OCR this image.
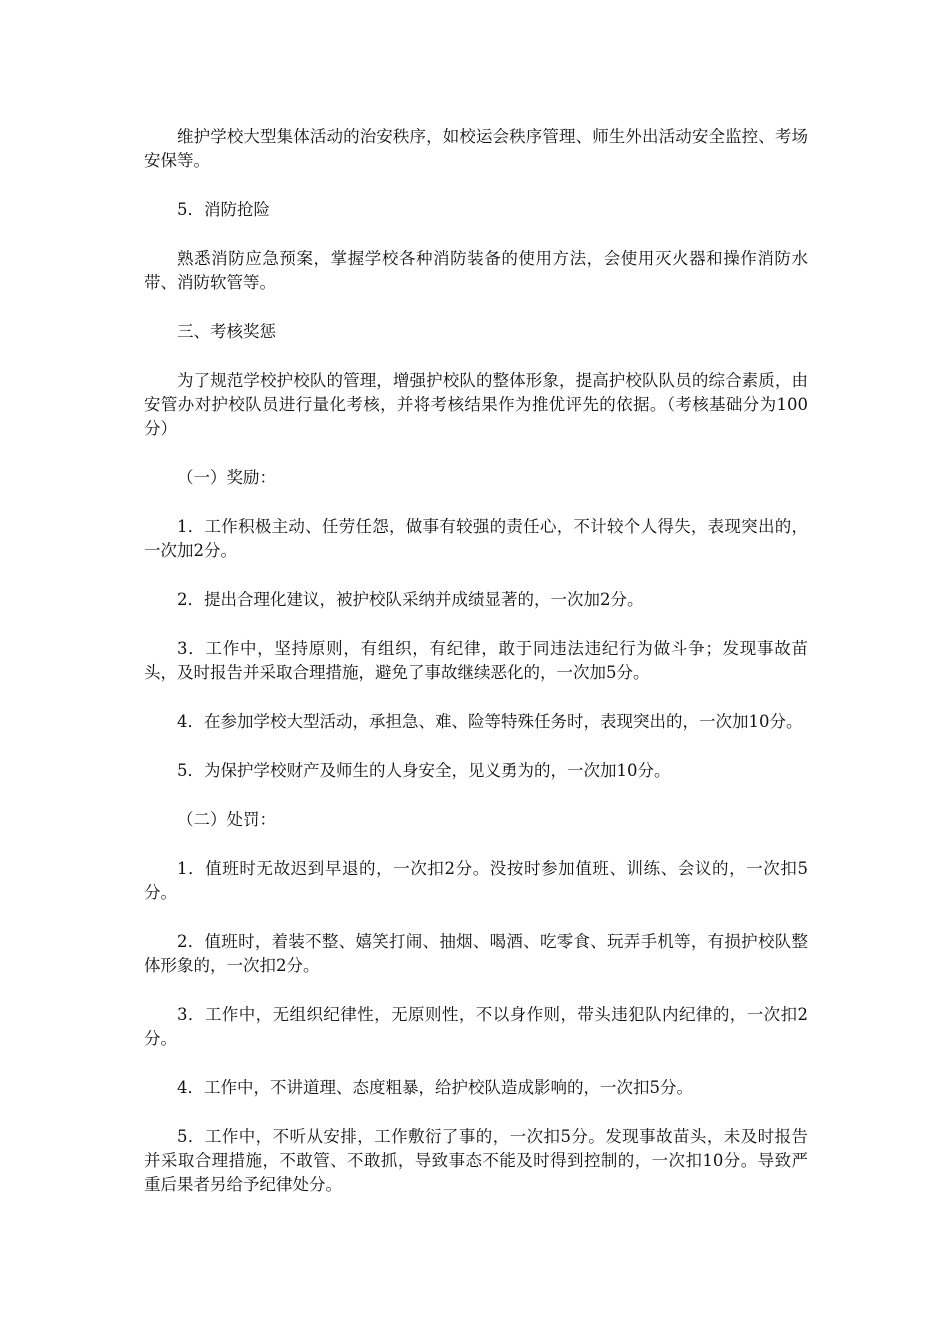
维护学校大型集体活动的治安秩序，如校运会秩序管理、师生外出活动安全监控、考场安保等。

5．消防抢险

熟悉消防应急预案，掌握学校各种消防装备的使用方法，会使用灭火器和操作消防水带、消防软管等。

三、考核奖惩

为了规范学校护校队的管理，增强护校队的整体形象，提高护校队队员的综合素质，由安管办对护校队员进行量化考核，并将考核结果作为推优评先的依据。（考核基础分为100分）

（一）奖励：

1．工作积极主动、任劳任怨，做事有较强的责任心，不计较个人得失，表现突出的，一次加2分。

2．提出合理化建议，被护校队采纳并成绩显著的，一次加2分。

3．工作中，坚持原则，有组织，有纪律，敢于同违法违纪行为做斗争；发现事故苗头，及时报告并采取合理措施，避免了事故继续恶化的，一次加5分。

4．在参加学校大型活动，承担急、难、险等特殊任务时，表现突出的，一次加10分。

5．为保护学校财产及师生的人身安全，见义勇为的，一次加10分。

（二）处罚：

1．值班时无故迟到早退的，一次扣2分。没按时参加值班、训练、会议的，一次扣5分。

2．值班时，着装不整、嬉笑打闹、抽烟、喝酒、吃零食、玩弄手机等，有损护校队整体形象的，一次扣2分。

3．工作中，无组织纪律性，无原则性，不以身作则，带头违犯队内纪律的，一次扣2分。

4．工作中，不讲道理、态度粗暴，给护校队造成影响的，一次扣5分。

5．工作中，不听从安排，工作敷衍了事的，一次扣5分。发现事故苗头，未及时报告并采取合理措施，不敢管、不敢抓，导致事态不能及时得到控制的，一次扣10分。导致严重后果者另给予纪律处分。
